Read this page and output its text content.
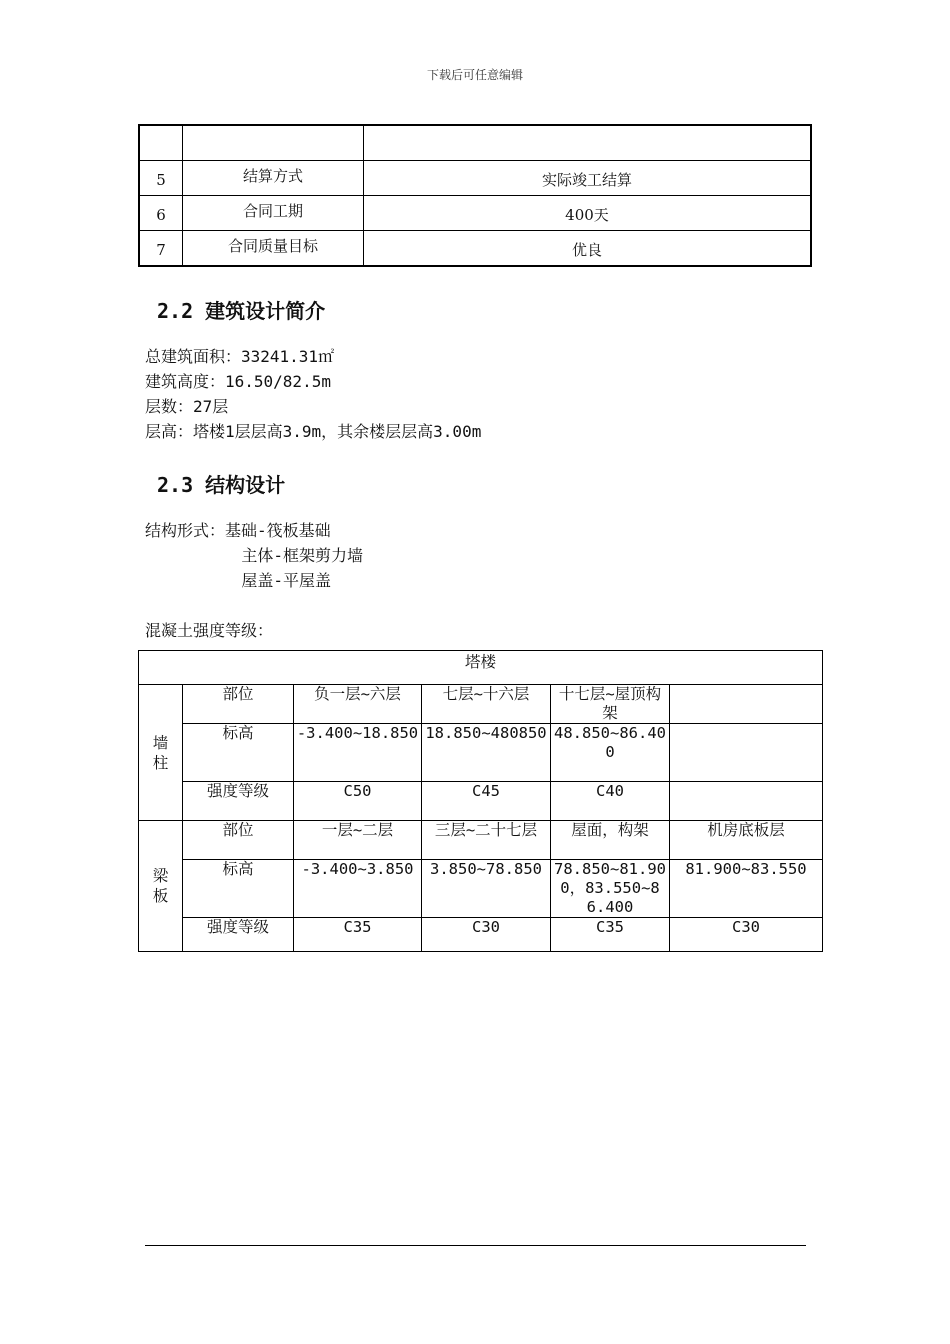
下载后可任意编辑

5	结算方式	实际竣工结算
6	合同工期	400天
7	合同质量目标	优良
2.2 建筑设计简介

总建筑面积：33241.31㎡

建筑高度：16.50/82.5m

层数：27层

层高：塔楼1层层高3.9m，其余楼层层高3.00m

2.3 结构设计

结构形式：基础-筏板基础

主体-框架剪力墙

屋盖-平屋盖

混凝土强度等级：

塔楼					
墙柱	部位	负一层~六层	七层~十六层	十七层~屋顶构架	
	标高	-3.400~18.850	18.850~480850	48.850~86.400	
	强度等级	C50	C45	C40	
梁板	部位	一层~二层	三层~二十七层	屋面，构架	机房底板层
	标高	-3.400~3.850	3.850~78.850	78.850~81.900，83.550~86.400	81.900~83.550
	强度等级	C35	C30	C35	C30
